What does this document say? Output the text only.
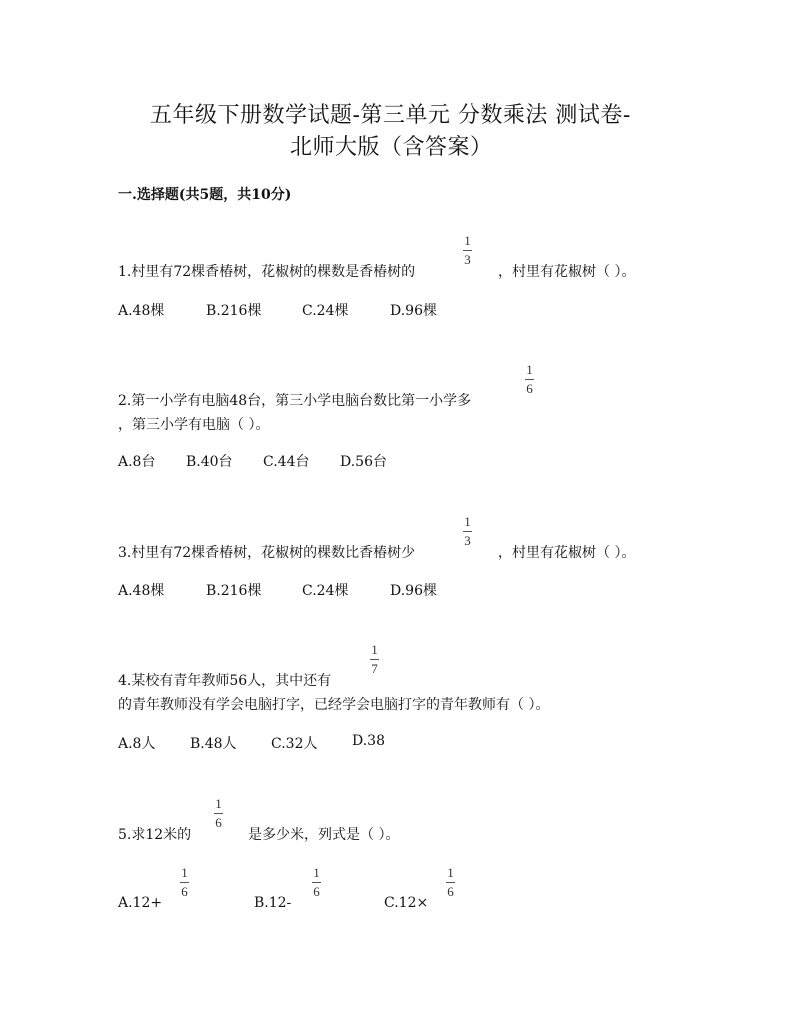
五年级下册数学试题-第三单元 分数乘法 测试卷-
北师大版（含答案）
一.选择题(共5题，共10分)
1.村里有72棵香椿树，花椒树的棵数是香椿树的
1
3
，村里有花椒树（ ）。
A.48棵	B.216棵	C.24棵	D.96棵
2.第一小学有电脑48台，第三小学电脑台数比第一小学多
1
6
，第三小学有电脑（ ）。
A.8台 B.40台 C.44台 D.56台
3.村里有72棵香椿树，花椒树的棵数比香椿树少
1
3
，村里有花椒树（ ）。
A.48棵	B.216棵	C.24棵	D.96棵
4.某校有青年教师56人，其中还有
1
7
的青年教师没有学会电脑打字，已经学会电脑打字的青年教师有（ ）。
A.8人 B.48人 C.32人 D.38
5.求12米的
1
6
是多少米，列式是（ ）。
A.12+
1
6
B.12-
1
6
C.12×
1
6
